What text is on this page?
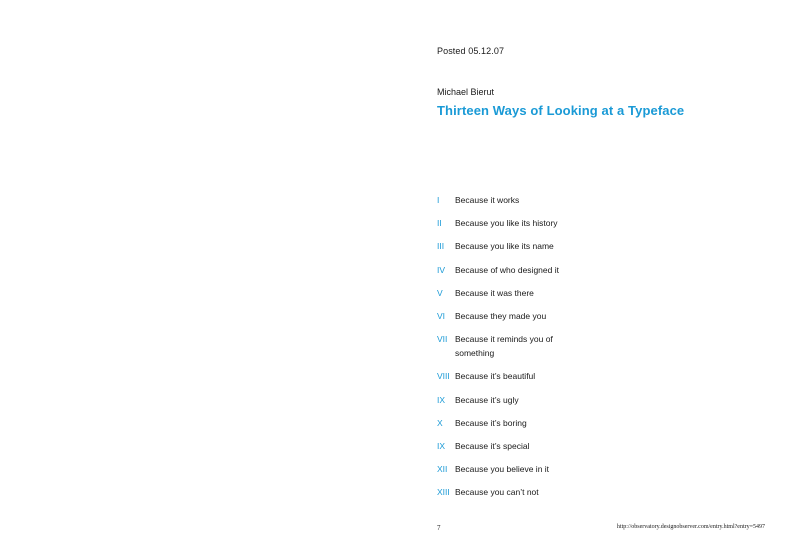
Posted 05.12.07
Michael Bierut
Thirteen Ways of Looking at a Typeface
I	Because it works
II	Because you like its history
III	Because you like its name
IV	Because of who designed it
V	Because it was there
VI	Because they made you
VII Because it reminds you of something
VIII Because it’s beautiful
IX	Because it’s ugly
X	Because it’s boring
IX	Because it’s special
XII Because you believe in it
XIII Because you can’t not
7	http://observatory.designobserver.com/entry.html?entry=5497
